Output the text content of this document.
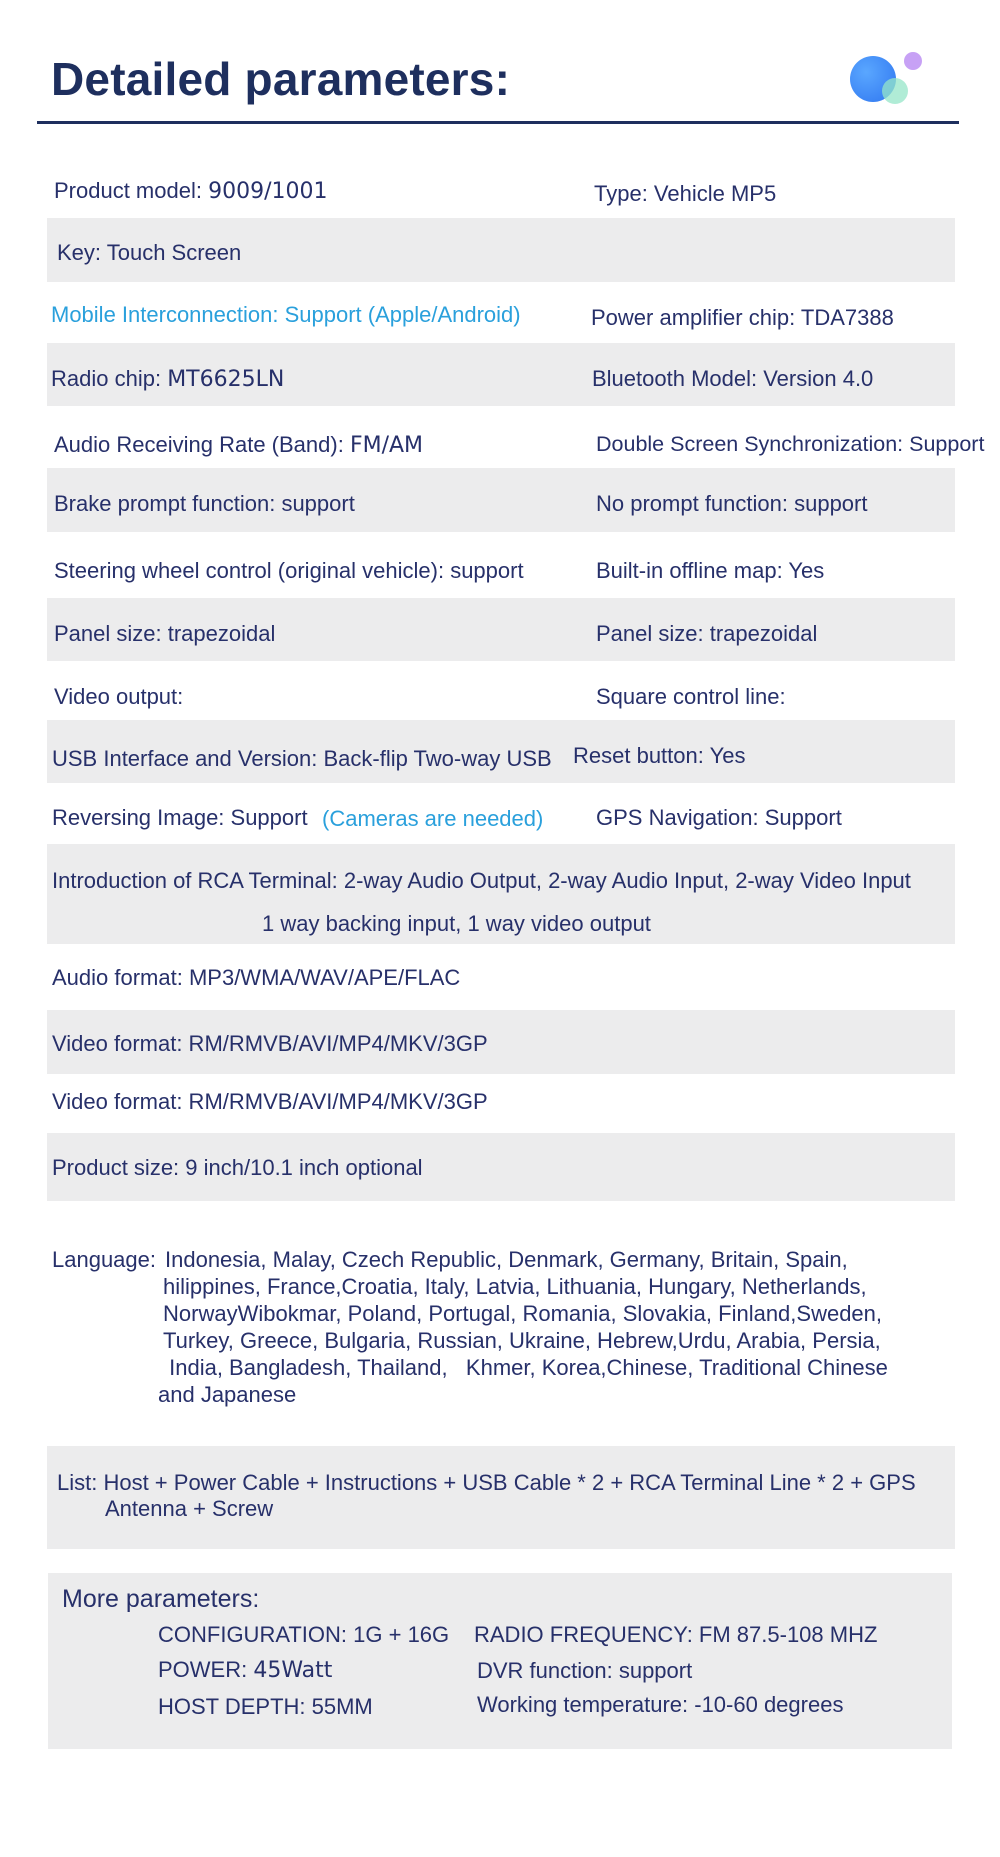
Detailed parameters:
Product model: 9009/1001	Type: Vehicle MP5
Key: Touch Screen
Mobile Interconnection: Support (Apple/Android)	Power amplifier chip: TDA7388
Radio chip: MT6625LN	Bluetooth Model: Version 4.0
Audio Receiving Rate (Band): FM/AM	Double Screen Synchronization: Support
Brake prompt function: support	No prompt function: support
Steering wheel control (original vehicle): support	Built-in offline map: Yes
Panel size: trapezoidal	Panel size: trapezoidal
Video output:	Square control line:
USB Interface and Version: Back-flip Two-way USB Reset button: Yes
Reversing Image: Support (Cameras are needed) GPS Navigation: Support
Introduction of RCA Terminal: 2-way Audio Output, 2-way Audio Input, 2-way Video Input
1 way backing input, 1 way video output
Audio format: MP3/WMA/WAV/APE/FLAC
Video format: RM/RMVB/AVI/MP4/MKV/3GP
Video format: RM/RMVB/AVI/MP4/MKV/3GP
Product size: 9 inch/10.1 inch optional
Language: Indonesia, Malay, Czech Republic, Denmark, Germany, Britain, Spain,
hilippines, France,Croatia, Italy, Latvia, Lithuania, Hungary, Netherlands,
NorwayWibokmar, Poland, Portugal, Romania, Slovakia, Finland,Sweden,
Turkey, Greece, Bulgaria, Russian, Ukraine, Hebrew,Urdu, Arabia, Persia,
India, Bangladesh, Thailand,   Khmer, Korea,Chinese, Traditional Chinese
and Japanese
List: Host + Power Cable + Instructions + USB Cable * 2 + RCA Terminal Line * 2 + GPS
Antenna + Screw
More parameters:
CONFIGURATION: 1G + 16G RADIO FREQUENCY: FM 87.5-108 MHZ
POWER: 45Watt	DVR function: support
HOST DEPTH: 55MM	Working temperature: -10-60 degrees
